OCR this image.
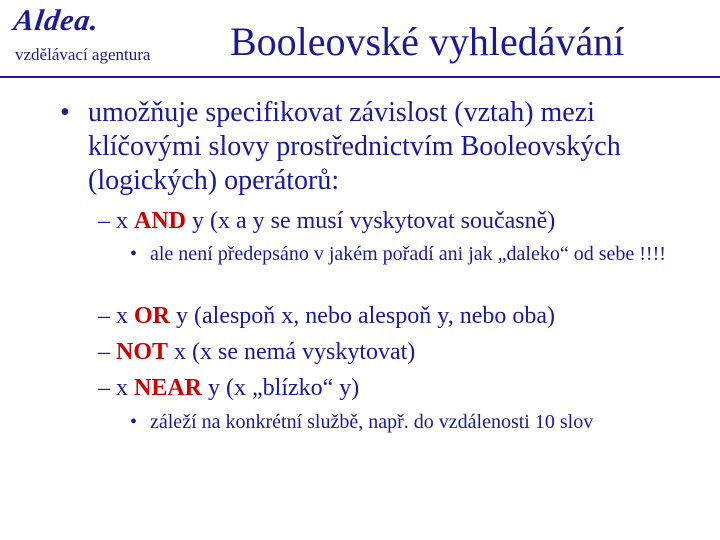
Aldea.
vzdělávací agentura Booleovské vyhledávání
• umožňuje specifikovat závislost (vztah) mezi klíčovými slovy prostřednictvím Booleovských (logických) operátorů:
– x AND y (x a y se musí vyskytovat současně)
• ale není předepsáno v jakém pořadí ani jak „daleko“ od sebe !!!!
– x OR y (alespoň x, nebo alespoň y, nebo oba)
– NOT x (x se nemá vyskytovat)
– x NEAR y (x „blízko“ y)
• záleží na konkrétní službě, např. do vzdálenosti 10 slov
